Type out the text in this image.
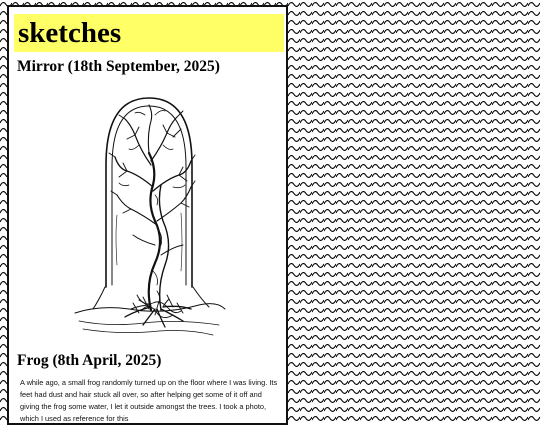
sketches
Mirror (18th September, 2025)
Frog (8th April, 2025)

A while ago, a small frog randomly turned up on the floor where I was living. Its feet had dust and hair stuck all over, so after helping get some of it off and giving the frog some water, I let it outside amongst the trees. I took a photo, which I used as reference for this
